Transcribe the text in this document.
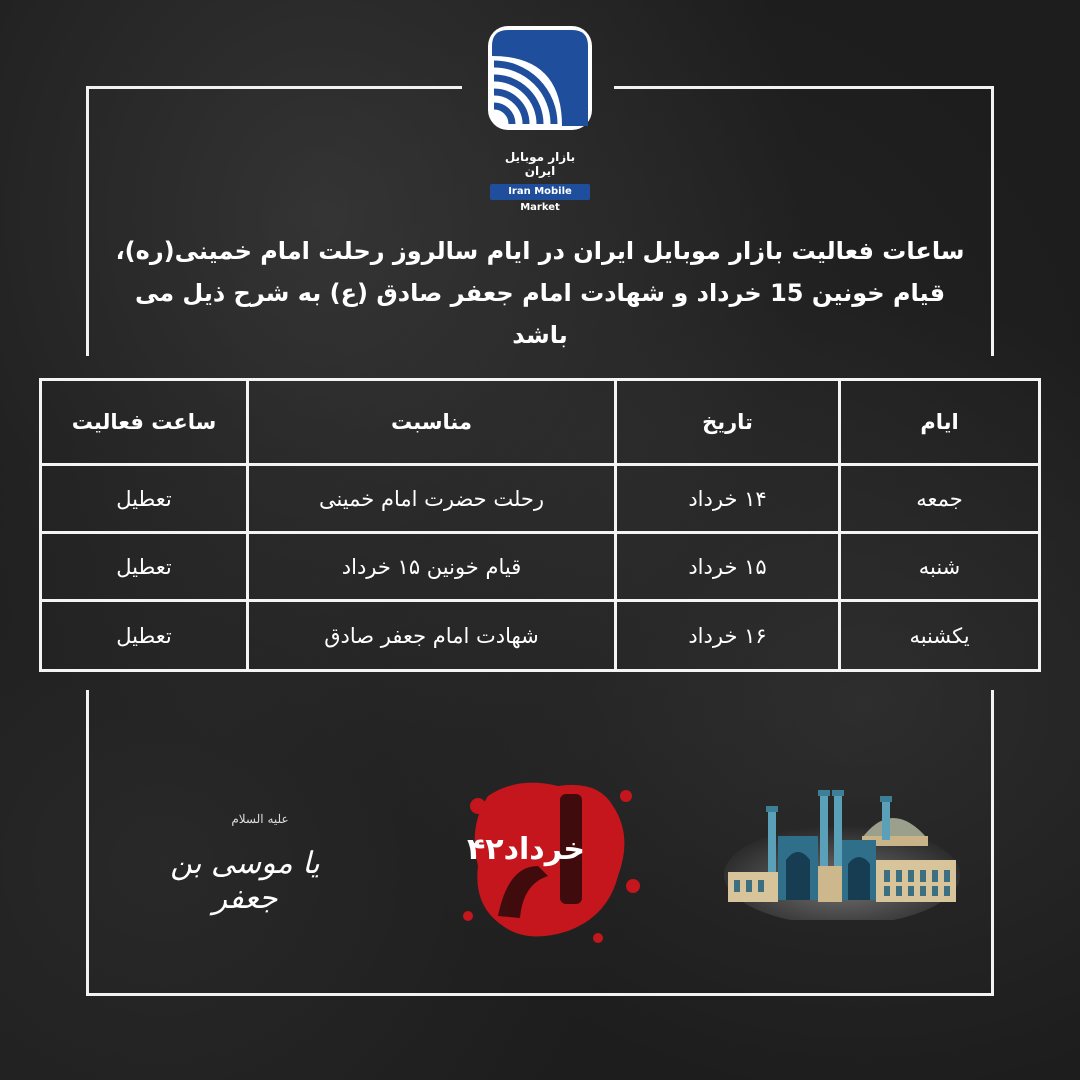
بازار موبایل ایران
Iran Mobile Market
ساعات فعالیت بازار موبایل ایران در ایام سالروز رحلت امام خمینی(ره)،
قیام خونین 15 خرداد و شهادت امام جعفر صادق (ع) به شرح ذیل می باشد
ایام
تاریخ
مناسبت
ساعت فعالیت
جمعه
۱۴ خرداد
رحلت حضرت امام خمینی
تعطیل
شنبه
۱۵ خرداد
قیام خونین ۱۵ خرداد
تعطیل
یکشنبه
۱۶ خرداد
شهادت امام جعفر صادق
تعطیل
خرداد۴۲
علیه السلام
یا موسی بن جعفر
